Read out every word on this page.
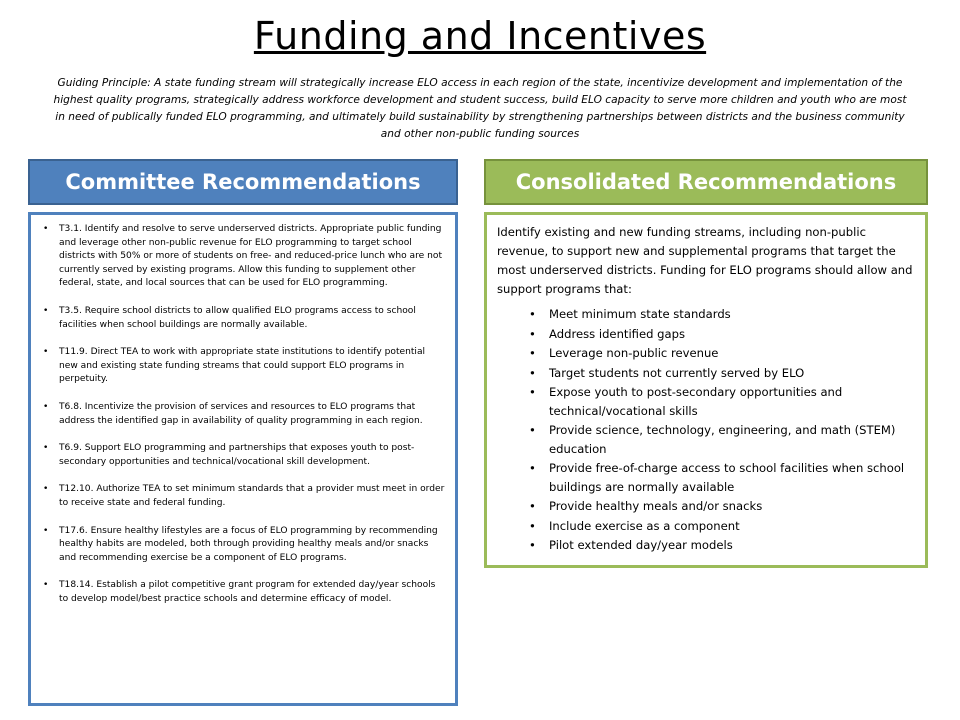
Funding and Incentives
Guiding Principle: A state funding stream will strategically increase ELO access in each region of the state, incentivize development and implementation of the highest quality programs, strategically address workforce development and student success, build ELO capacity to serve more children and youth who are most in need of publically funded ELO programming, and ultimately build sustainability by strengthening partnerships between districts and the business community and other non-public funding sources
Committee Recommendations	Consolidated Recommendations
• T3.1. Identify and resolve to serve underserved districts. Appropriate public funding and leverage other non-public revenue for ELO programming to target school districts with 50% or more of students on free- and reduced-price lunch who are not currently served by existing programs. Allow this funding to supplement other federal, state, and local sources that can be used for ELO programming.
• T3.5. Require school districts to allow qualified ELO programs access to school facilities when school buildings are normally available.
• T11.9. Direct TEA to work with appropriate state institutions to identify potential new and existing state funding streams that could support ELO programs in perpetuity.
• T6.8. Incentivize the provision of services and resources to ELO programs that address the identified gap in availability of quality programming in each region.
• T6.9. Support ELO programming and partnerships that exposes youth to post-secondary opportunities and technical/vocational skill development.
• T12.10. Authorize TEA to set minimum standards that a provider must meet in order to receive state and federal funding.
• T17.6. Ensure healthy lifestyles are a focus of ELO programming by recommending healthy habits are modeled, both through providing healthy meals and/or snacks and recommending exercise be a component of ELO programs.
• T18.14. Establish a pilot competitive grant program for extended day/year schools to develop model/best practice schools and determine efficacy of model.
Identify existing and new funding streams, including non-public revenue, to support new and supplemental programs that target the most underserved districts. Funding for ELO programs should allow and support programs that:
• Meet minimum state standards
• Address identified gaps
• Leverage non-public revenue
• Target students not currently served by ELO
• Expose youth to post-secondary opportunities and technical/vocational skills
• Provide science, technology, engineering, and math (STEM) education
• Provide free-of-charge access to school facilities when school buildings are normally available
• Provide healthy meals and/or snacks
• Include exercise as a component
• Pilot extended day/year models
